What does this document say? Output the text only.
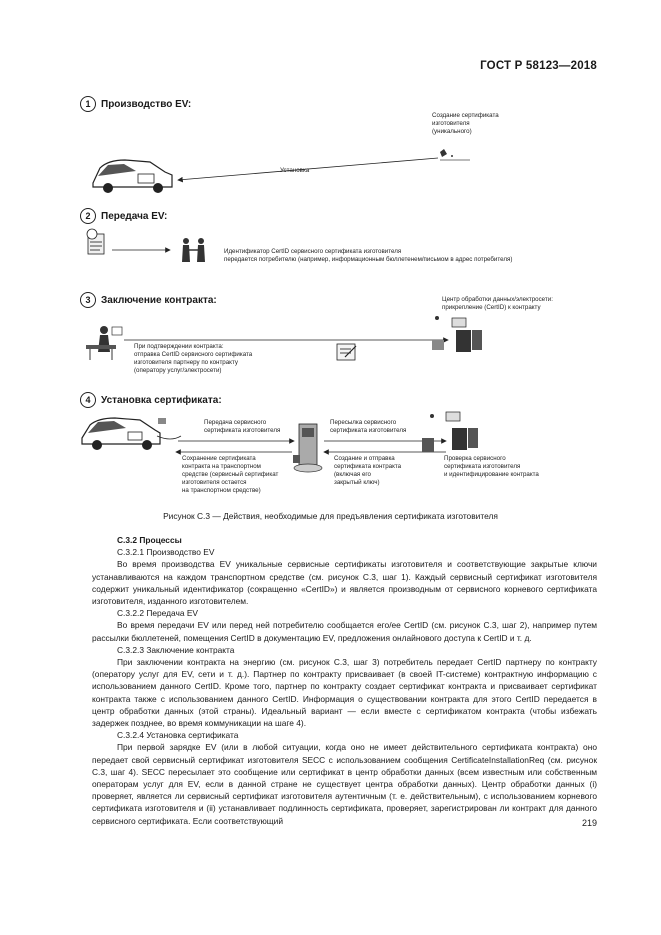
ГОСТ Р 58123—2018
1	Производство EV:
2	Передача EV:
3	Заключение контракта:
4	Установка сертификата:
Создание сертификата
изготовителя
(уникального)
Установка
Идентификатор CertID сервисного сертификата изготовителя
передается потребителю (например, информационным бюллетенем/письмом в адрес потребителя)
Центр обработки данных/электросети:
прикрепление (CertID) к контракту
При подтверждении контракта:
отправка CertID сервисного сертификата
изготовителя партнеру по контракту
(оператору услуг/электросети)
Передача сервисного
сертификата изготовителя
Пересылка сервисного
сертификата изготовителя
Сохранение сертификата
контракта на транспортном
средстве (сервисный сертификат
изготовителя остается
на транспортном средстве)
Создание и отправка
сертификата контракта
(включая его
закрытый ключ)
Проверка сервисного
сертификата изготовителя
и идентифицирование контракта
Рисунок C.3 — Действия, необходимые для предъявления сертификата изготовителя

C.3.2 Процессы

C.3.2.1 Производство EV

Во время производства EV уникальные сервисные сертификаты изготовителя и соответствующие закрытые ключи устанавливаются на каждом транспортном средстве (см. рисунок C.3, шаг 1). Каждый сервисный сертификат изготовителя содержит уникальный идентификатор (сокращенно «CertID») и является производным от сервисного корневого сертификата изготовителя, изданного изготовителем.

C.3.2.2 Передача EV

Во время передачи EV или перед ней потребителю сообщается его/ее CertID (см. рисунок C.3, шаг 2), например путем рассылки бюллетеней, помещения CertID в документацию EV, предложения онлайнового доступа к CertID и т. д.

C.3.2.3 Заключение контракта

При заключении контракта на энергию (см. рисунок C.3, шаг 3) потребитель передает CertID партнеру по контракту (оператору услуг для EV, сети и т. д.). Партнер по контракту присваивает (в своей IT-системе) контрактную информацию с использованием данного CertID. Кроме того, партнер по контракту создает сертификат контракта и присваивает сертификат контракта также с использованием данного CertID. Информация о существовании контракта для этого CertID передается в центр обработки данных (этой страны). Идеальный вариант — если вместе с сертификатом контракта (чтобы избежать задержек позднее, во время коммуникации на шаге 4).

C.3.2.4 Установка сертификата

При первой зарядке EV (или в любой ситуации, когда оно не имеет действительного сертификата контракта) оно передает свой сервисный сертификат изготовителя SECC с использованием сообщения CertificateInstallationReq (см. рисунок C.3, шаг 4). SECC пересылает это сообщение или сертификат в центр обработки данных (всем известным или собственным операторам услуг для EV, если в данной стране не существует центра обработки данных). Центр обработки данных (i) проверяет, является ли сервисный сертификат изготовителя аутентичным (т. е. действительным), с использованием корневого сертификата изготовителя и (ii) устанавливает подлинность сертификата, проверяет, зарегистрирован ли контракт для данного сервисного сертификата. Если соответствующий	219
